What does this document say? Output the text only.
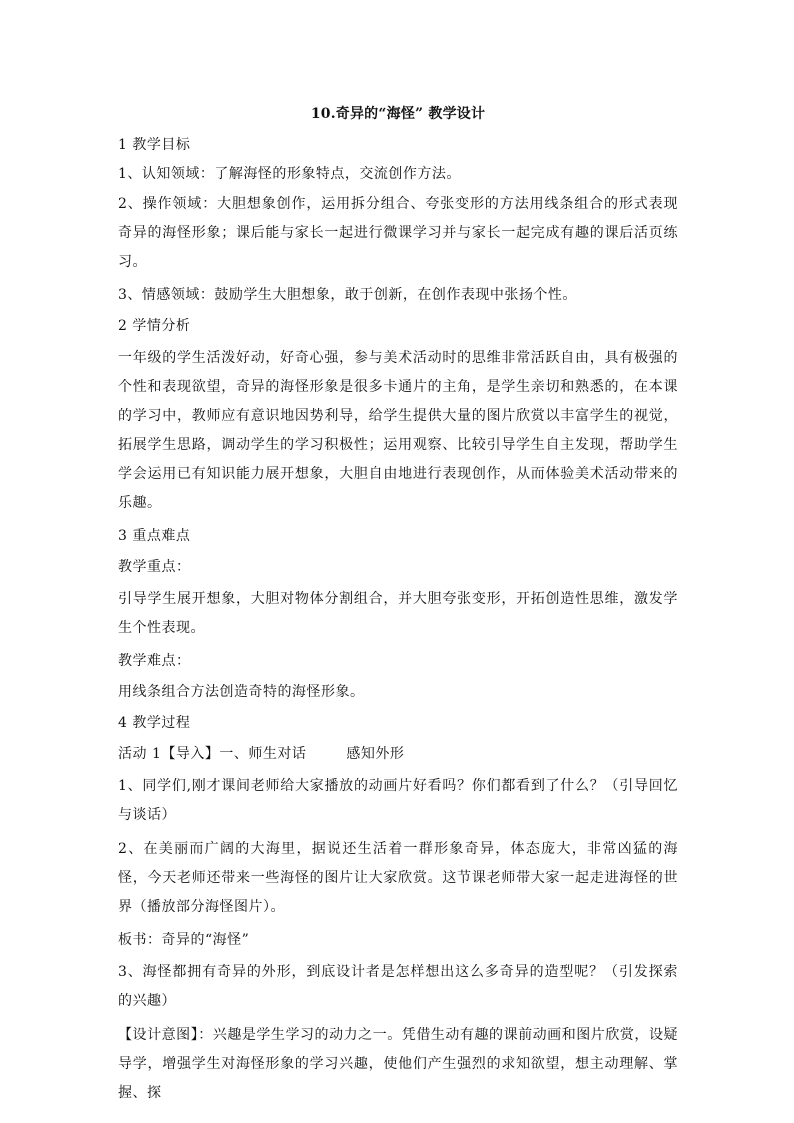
10.奇异的“海怪” 教学设计
1 教学目标
1、认知领域：了解海怪的形象特点，交流创作方法。
2、操作领域：大胆想象创作，运用拆分组合、夸张变形的方法用线条组合的形式表现奇异的海怪形象；课后能与家长一起进行微课学习并与家长一起完成有趣的课后活页练习。
3、情感领域：鼓励学生大胆想象，敢于创新，在创作表现中张扬个性。
2 学情分析
一年级的学生活泼好动，好奇心强，参与美术活动时的思维非常活跃自由，具有极强的个性和表现欲望，奇异的海怪形象是很多卡通片的主角，是学生亲切和熟悉的，在本课的学习中，教师应有意识地因势利导，给学生提供大量的图片欣赏以丰富学生的视觉，拓展学生思路，调动学生的学习积极性；运用观察、比较引导学生自主发现，帮助学生学会运用已有知识能力展开想象，大胆自由地进行表现创作，从而体验美术活动带来的乐趣。
3 重点难点
教学重点：
引导学生展开想象，大胆对物体分割组合，并大胆夸张变形，开拓创造性思维，激发学生个性表现。
教学难点：
用线条组合方法创造奇特的海怪形象。
4 教学过程
活动 1【导入】一、师生对话	感知外形
1、同学们,刚才课间老师给大家播放的动画片好看吗？你们都看到了什么？（引导回忆与谈话）
2、在美丽而广阔的大海里，据说还生活着一群形象奇异，体态庞大，非常凶猛的海怪，今天老师还带来一些海怪的图片让大家欣赏。这节课老师带大家一起走进海怪的世界（播放部分海怪图片）。
板书：奇异的“海怪”
3、海怪都拥有奇异的外形，到底设计者是怎样想出这么多奇异的造型呢？（引发探索的兴趣）
【设计意图】：兴趣是学生学习的动力之一。凭借生动有趣的课前动画和图片欣赏，设疑导学，增强学生对海怪形象的学习兴趣，使他们产生强烈的求知欲望，想主动理解、掌握、探
